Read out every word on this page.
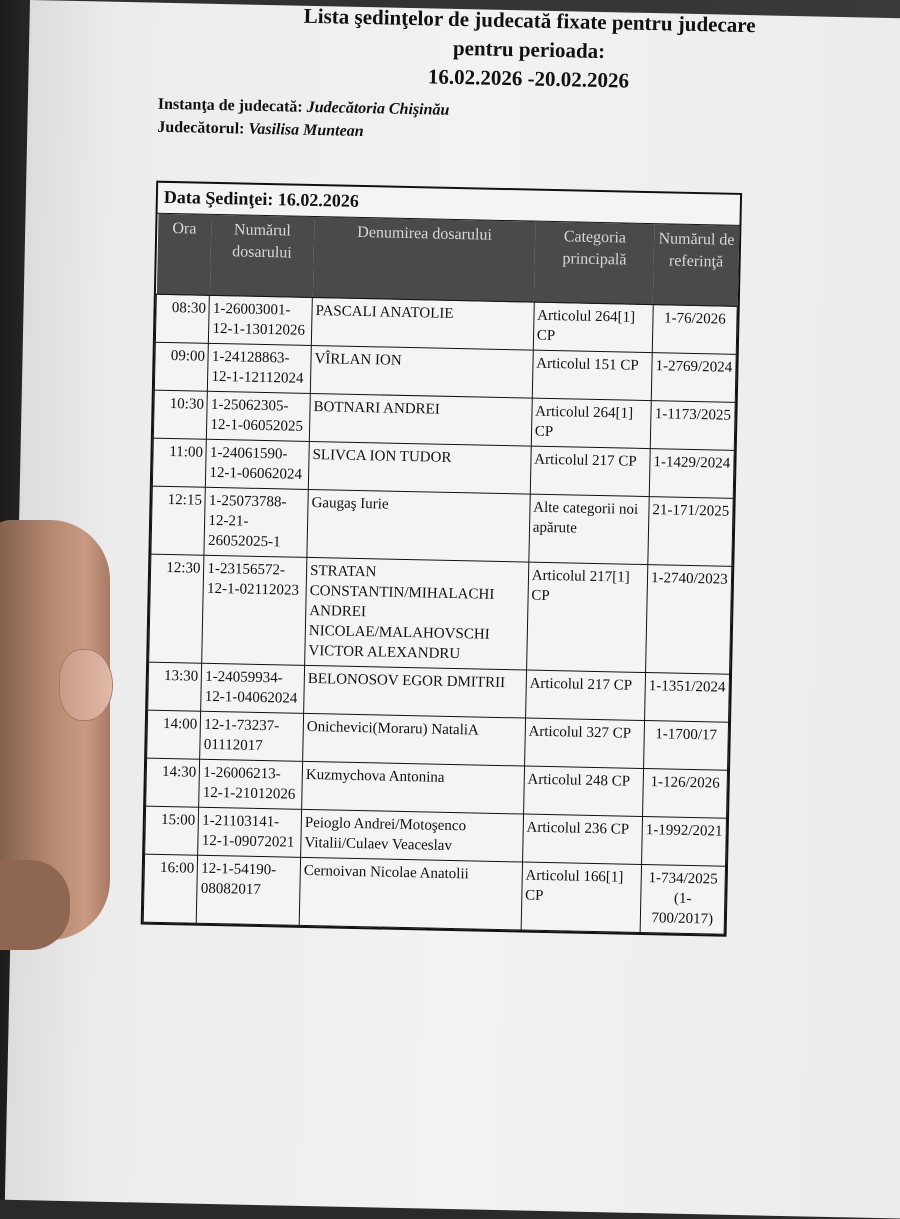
Lista şedinţelor de judecată fixate pentru judecare
pentru perioada:
16.02.2026 -20.02.2026
Instanţa de judecată: Judecătoria Chişinău
Judecătorul: Vasilisa Muntean
Data Şedinţei: 16.02.2026
Ora	Numărul dosarului	Denumirea dosarului	Categoria principală	Numărul de referinţă
08:30	1-26003001-12-1-13012026	PASCALI ANATOLIE	Articolul 264[1] CP	1-76/2026
09:00	1-24128863-12-1-12112024	VÎRLAN ION	Articolul 151 CP	1-2769/2024
10:30	1-25062305-12-1-06052025	BOTNARI ANDREI	Articolul 264[1] CP	1-1173/2025
11:00	1-24061590-12-1-06062024	SLIVCA ION TUDOR	Articolul 217 CP	1-1429/2024
12:15	1-25073788-12-21-26052025-1	Gaugaş Iurie	Alte categorii noi apărute	21-171/2025
12:30	1-23156572-12-1-02112023	STRATAN CONSTANTIN/MIHALACHI ANDREI NICOLAE/MALAHOVSCHI VICTOR ALEXANDRU	Articolul 217[1] CP	1-2740/2023
13:30	1-24059934-12-1-04062024	BELONOSOV EGOR DMITRII	Articolul 217 CP	1-1351/2024
14:00	12-1-73237-01112017	Onichevici(Moraru) NataliA	Articolul 327 CP	1-1700/17
14:30	1-26006213-12-1-21012026	Kuzmychova Antonina	Articolul 248 CP	1-126/2026
15:00	1-21103141-12-1-09072021	Peioglo Andrei/Motoşenco Vitalii/Culaev Veaceslav	Articolul 236 CP	1-1992/2021
16:00	12-1-54190-08082017	Cernoivan Nicolae Anatolii	Articolul 166[1] CP	1-734/2025 (1-700/2017)
